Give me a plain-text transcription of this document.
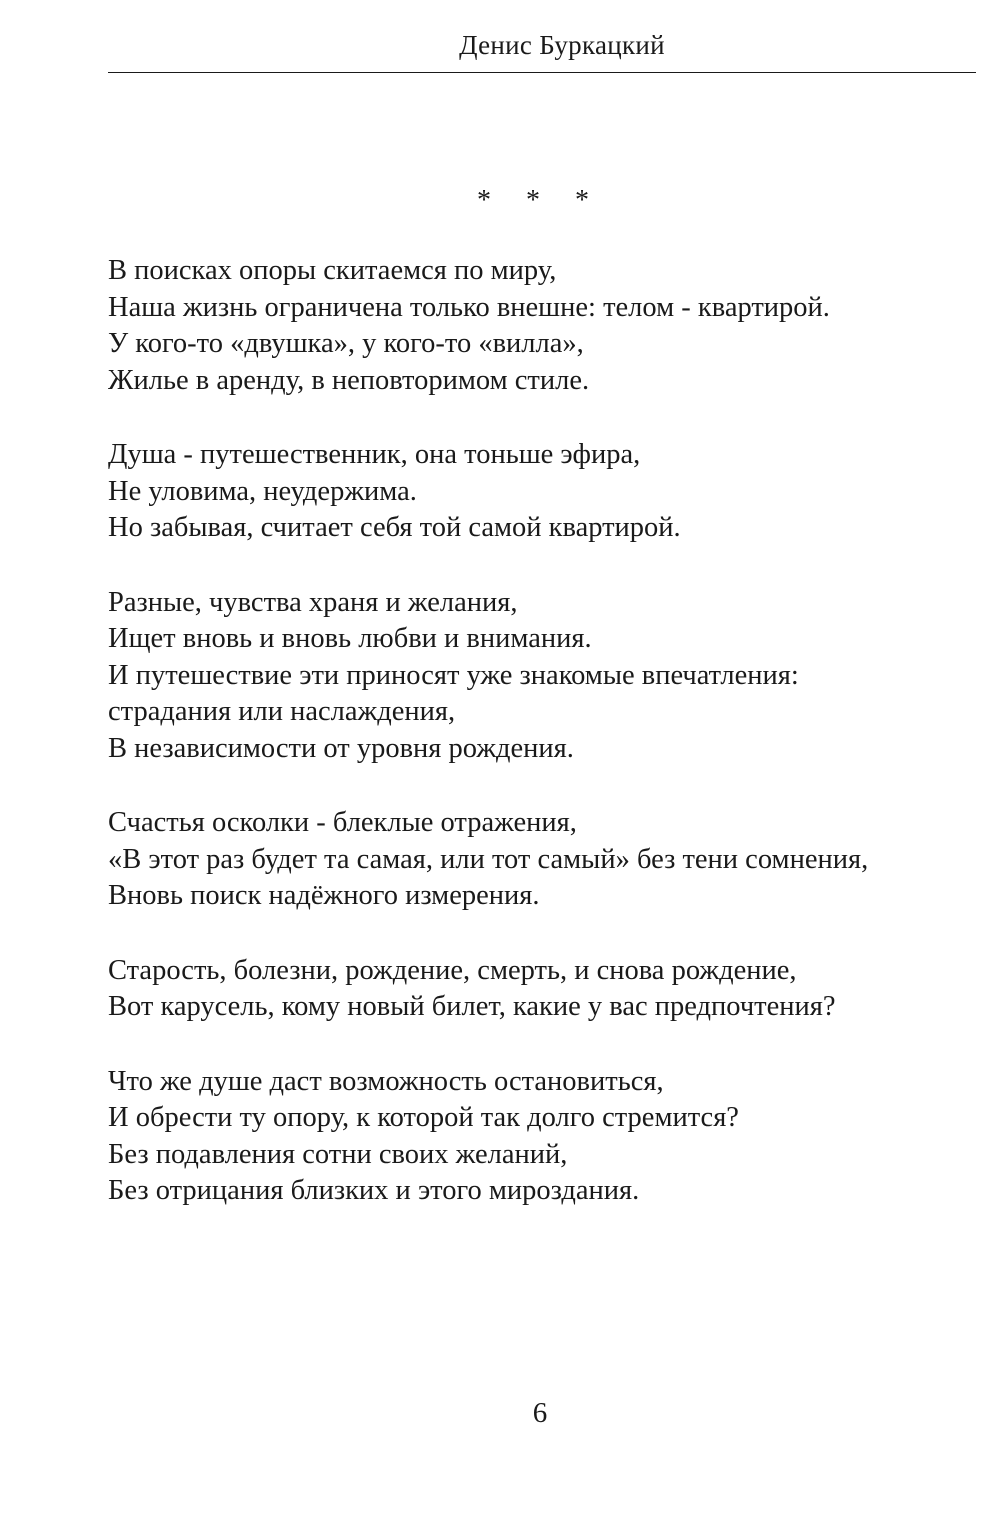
Денис Буркацкий
* * *
В поисках опоры скитаемся по миру,
Наша жизнь ограничена только внешне: телом - квартирой.
У кого-то «двушка», у кого-то «вилла»,
Жилье в аренду, в неповторимом стиле.
Душа - путешественник, она тоньше эфира,
Не уловима, неудержима.
Но забывая, считает себя той самой квартирой.
Разные, чувства храня и желания,
Ищет вновь и вновь любви и внимания.
И путешествие эти приносят уже знакомые впечатления:
страдания или наслаждения,
В независимости от уровня рождения.
Счастья осколки - блеклые отражения,
«В этот раз будет та самая, или тот самый» без тени сомнения,
Вновь поиск надёжного измерения.
Старость, болезни, рождение, смерть, и снова рождение,
Вот карусель, кому новый билет, какие у вас предпочтения?
Что же душе даст возможность остановиться,
И обрести ту опору, к которой так долго стремится?
Без подавления сотни своих желаний,
Без отрицания близких и этого мироздания.
6
